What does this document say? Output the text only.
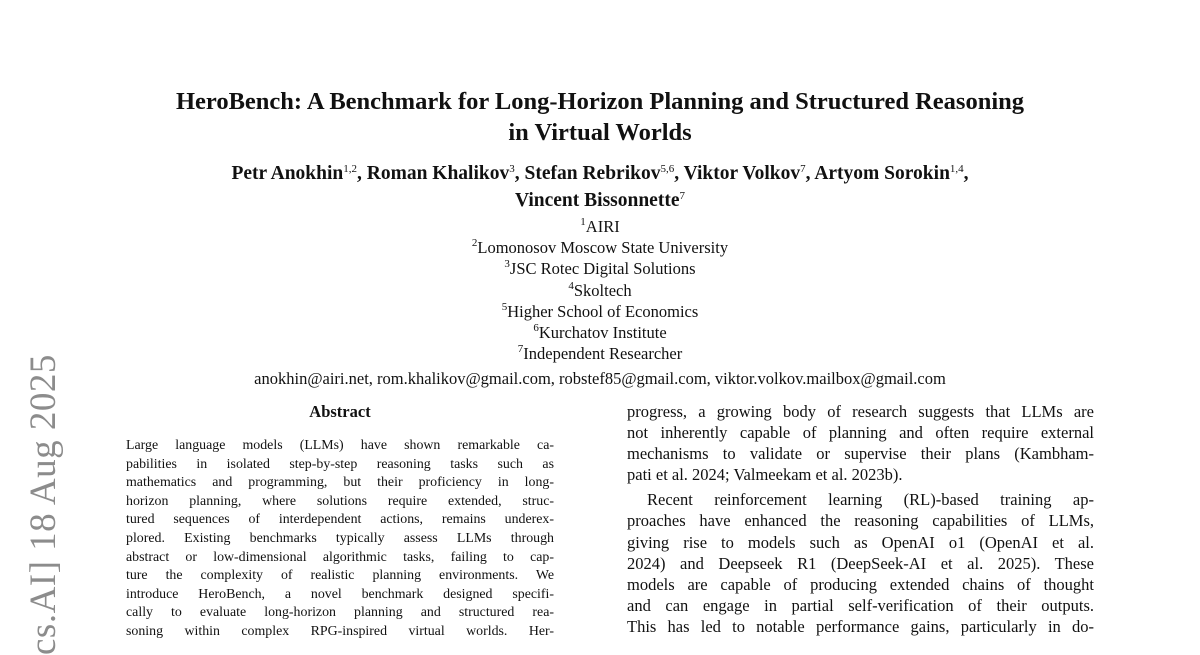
cs.AI] 18 Aug 2025
HeroBench: A Benchmark for Long-Horizon Planning and Structured Reasoning
in Virtual Worlds
Petr Anokhin$^{1,2}$, Roman Khalikov$^3$, Stefan Rebrikov$^{5,6}$, Viktor Volkov$^7$, Artyom Sorokin$^{1,4}$,
Vincent Bissonnette$^7$
$^1$AIRI
$^2$Lomonosov Moscow State University
$^3$JSC Rotec Digital Solutions
$^4$Skoltech
$^5$Higher School of Economics
$^6$Kurchatov Institute
$^7$Independent Researcher
anokhin@airi.net, rom.khalikov@gmail.com, robstef85@gmail.com, viktor.volkov.mailbox@gmail.com
Abstract
Large language models (LLMs) have shown remarkable ca-
pabilities in isolated step-by-step reasoning tasks such as
mathematics and programming, but their proficiency in long-
horizon planning, where solutions require extended, struc-
tured sequences of interdependent actions, remains underex-
plored. Existing benchmarks typically assess LLMs through
abstract or low-dimensional algorithmic tasks, failing to cap-
ture the complexity of realistic planning environments. We
introduce HeroBench, a novel benchmark designed specifi-
cally to evaluate long-horizon planning and structured rea-
soning within complex RPG-inspired virtual worlds. Her-
progress, a growing body of research suggests that LLMs are
not inherently capable of planning and often require external
mechanisms to validate or supervise their plans (Kambham-
pati et al. 2024; Valmeekam et al. 2023b).
Recent reinforcement learning (RL)-based training ap-
proaches have enhanced the reasoning capabilities of LLMs,
giving rise to models such as OpenAI o1 (OpenAI et al.
2024) and Deepseek R1 (DeepSeek-AI et al. 2025). These
models are capable of producing extended chains of thought
and can engage in partial self-verification of their outputs.
This has led to notable performance gains, particularly in do-
